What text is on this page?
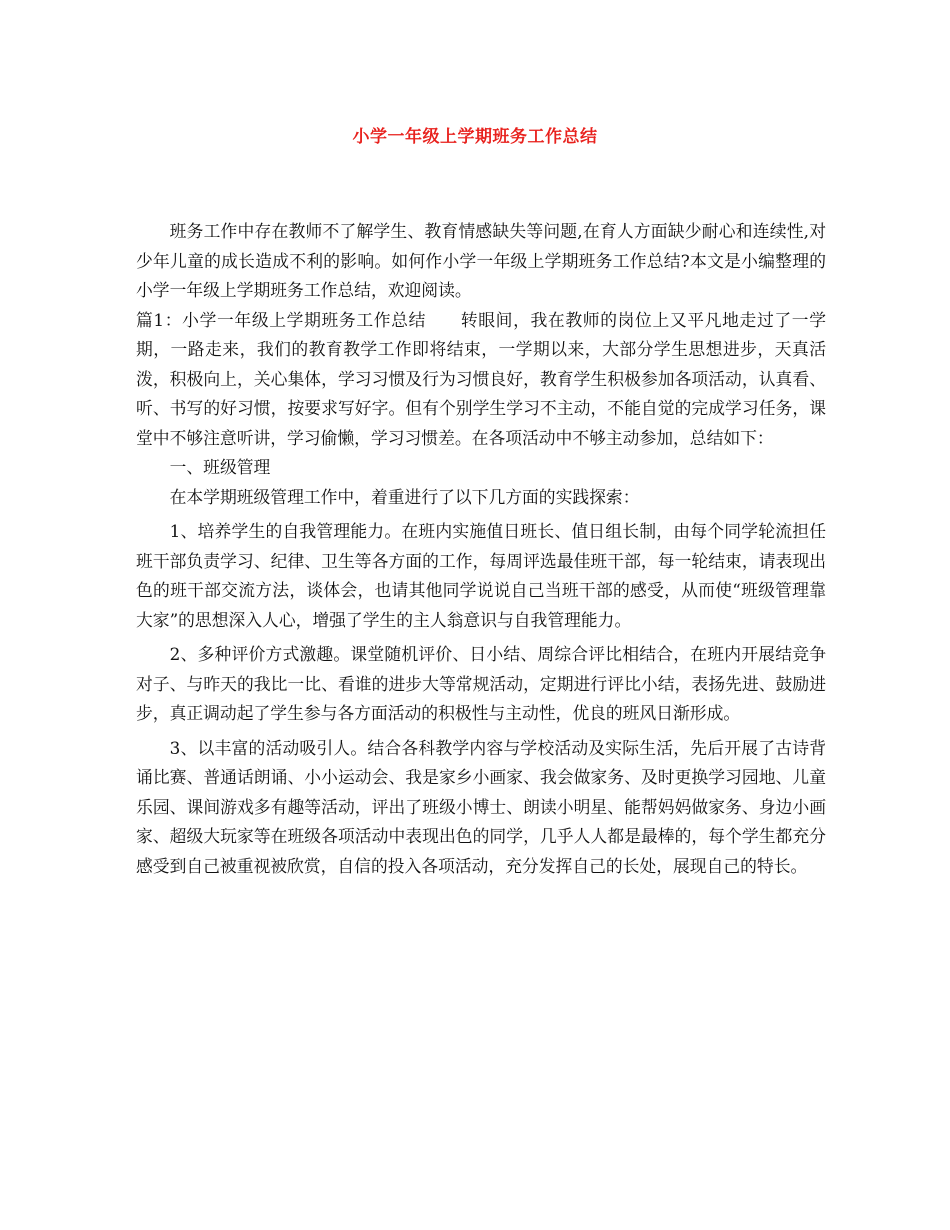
小学一年级上学期班务工作总结

班务工作中存在教师不了解学生、教育情感缺失等问题,在育人方面缺少耐心和连续性,对少年儿童的成长造成不利的影响。如何作小学一年级上学期班务工作总结?本文是小编整理的小学一年级上学期班务工作总结，欢迎阅读。

篇1：小学一年级上学期班务工作总结　　转眼间，我在教师的岗位上又平凡地走过了一学期，一路走来，我们的教育教学工作即将结束，一学期以来，大部分学生思想进步，天真活泼，积极向上，关心集体，学习习惯及行为习惯良好，教育学生积极参加各项活动，认真看、听、书写的好习惯，按要求写好字。但有个别学生学习不主动，不能自觉的完成学习任务，课堂中不够注意听讲，学习偷懒，学习习惯差。在各项活动中不够主动参加，总结如下：

一、班级管理

在本学期班级管理工作中，着重进行了以下几方面的实践探索：

1、培养学生的自我管理能力。在班内实施值日班长、值日组长制，由每个同学轮流担任班干部负责学习、纪律、卫生等各方面的工作，每周评选最佳班干部，每一轮结束，请表现出色的班干部交流方法，谈体会，也请其他同学说说自己当班干部的感受，从而使“班级管理靠大家”的思想深入人心，增强了学生的主人翁意识与自我管理能力。

2、多种评价方式激趣。课堂随机评价、日小结、周综合评比相结合，在班内开展结竞争对子、与昨天的我比一比、看谁的进步大等常规活动，定期进行评比小结，表扬先进、鼓励进步，真正调动起了学生参与各方面活动的积极性与主动性，优良的班风日渐形成。

3、以丰富的活动吸引人。结合各科教学内容与学校活动及实际生活，先后开展了古诗背诵比赛、普通话朗诵、小小运动会、我是家乡小画家、我会做家务、及时更换学习园地、儿童乐园、课间游戏多有趣等活动，评出了班级小博士、朗读小明星、能帮妈妈做家务、身边小画家、超级大玩家等在班级各项活动中表现出色的同学，几乎人人都是最棒的，每个学生都充分感受到自己被重视被欣赏，自信的投入各项活动，充分发挥自己的长处，展现自己的特长。
